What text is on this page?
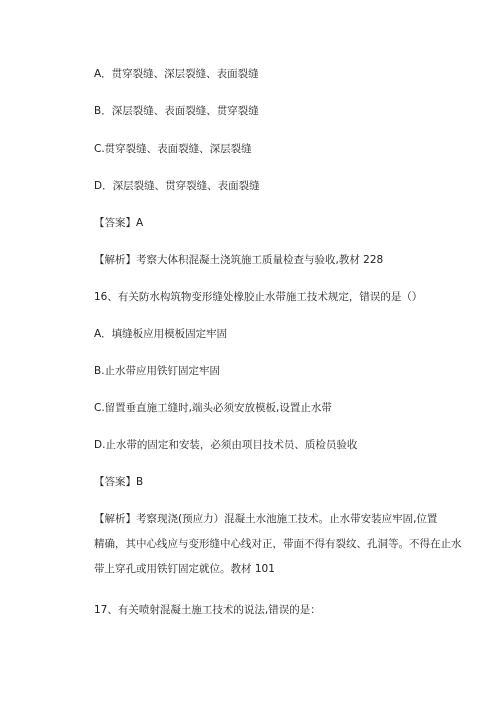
A．贯穿裂缝、深层裂缝、表面裂缝
B．深层裂缝、表面裂缝、贯穿裂缝
C.贯穿裂缝、表面裂缝、深层裂缝
D．深层裂缝、贯穿裂缝、表面裂缝
【答案】A
【解析】考察大体积混凝土浇筑施工质量检查与验收,教材 228
16、有关防水构筑物变形缝处橡胶止水带施工技术规定，错误的是（）
A．填缝板应用模板固定牢固
B.止水带应用铁钉固定牢固
C.留置垂直施工缝时,端头必须安放模板,设置止水带
D.止水带的固定和安装，必须由项目技术员、质检员验收
【答案】B
【解析】考察现浇(预应力）混凝土水池施工技术。止水带安装应牢固,位置
精确，其中心线应与变形缝中心线对正，带面不得有裂纹、孔洞等。不得在止水
带上穿孔或用铁钉固定就位。教材 101
17、有关喷射混凝土施工技术的说法,错误的是：
